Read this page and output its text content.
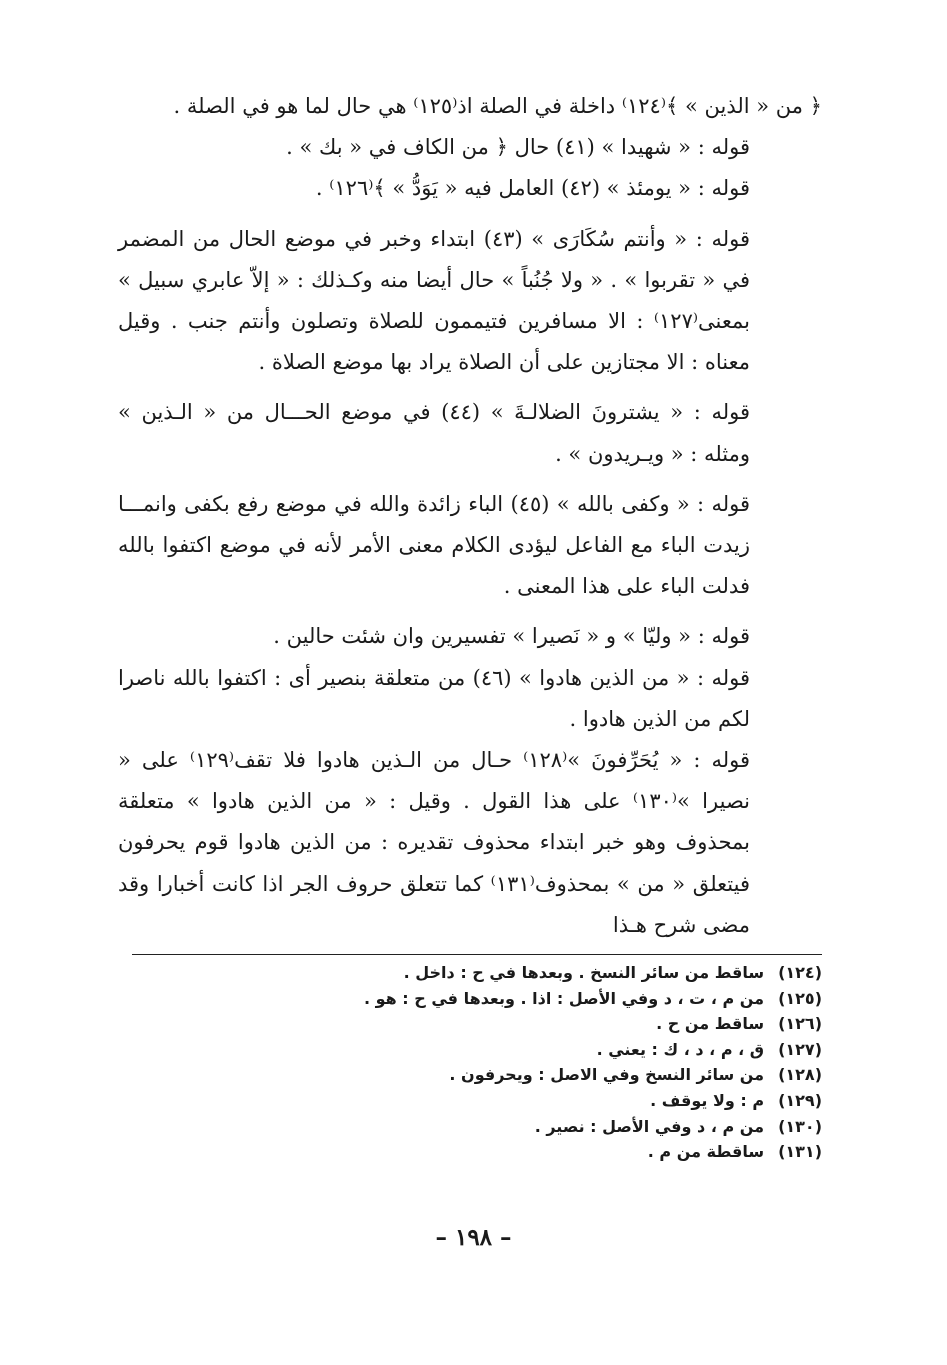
﴿ من « الذين » ﴾⁽١٢٤⁾ داخلة في الصلة اذ⁽١٢٥⁾ هي حال لما هو في الصلة .

قوله : « شهيدا » (٤١) حال ﴿ من الكاف في « بك » .

قوله : « يومئذ » (٤٢) العامل فيه « يَوَدُّ » ﴾⁽١٢٦⁾ .

قوله : « وأنتم سُكَارَى » (٤٣) ابتداء وخبر في موضع الحال من المضمر في « تقربوا » . « ولا جُنُباً » حال أيضا منه وكـذلك : « إلاّ عابري سبيل » بمعنى⁽١٢٧⁾ : الا مسافرين فتيممون للصلاة وتصلون وأنتم جنب . وقيل معناه : الا مجتازين على أن الصلاة يراد بها موضع الصلاة .

قوله : « يشترونَ الضلالـةَ » (٤٤) في موضع الحـــال من « الـذين » ومثله : « ويـريدون » .

قوله : « وكفى بالله » (٤٥) الباء زائدة والله في موضع رفع بكفى وانمـــا زيدت الباء مع الفاعل ليؤدى الكلام معنى الأمر لأنه في موضع اكتفوا بالله فدلت الباء على هذا المعنى .

قوله : « وليّا » و « نَصيرا » تفسيرين وان شئت حالين .

قوله : « من الذين هادوا » (٤٦) من متعلقة بنصير أى : اكتفوا بالله ناصرا لكم من الذين هادوا .

قوله : « يُحَرِّفونَ »⁽١٢٨⁾ حـال من الـذين هادوا فلا تقف⁽١٢٩⁾ على « نصيرا »⁽١٣٠⁾ على هذا القول . وقيل : « من الذين هادوا » متعلقة بمحذوف وهو خبر ابتداء محذوف تقديره : من الذين هادوا قوم يحرفون فيتعلق « من » بمحذوف⁽١٣١⁾ كما تتعلق حروف الجر اذا كانت أخبارا وقد مضى شرح هـذا

(١٢٤)ساقط من سائر النسخ . وبعدها في ح : داخل .
(١٢٥)من م ، ت ، د وفي الأصل : اذا . وبعدها في ح : هو .
(١٢٦)ساقط من ح .
(١٢٧)ق ، م ، د ، ك : يعني .
(١٢٨)من سائر النسخ وفي الاصل : ويحرفون .
(١٢٩)م : ولا يوقف .
(١٣٠)من م ، د وفي الأصل : نصير .
(١٣١)ساقطة من م .
– ١٩٨ –
